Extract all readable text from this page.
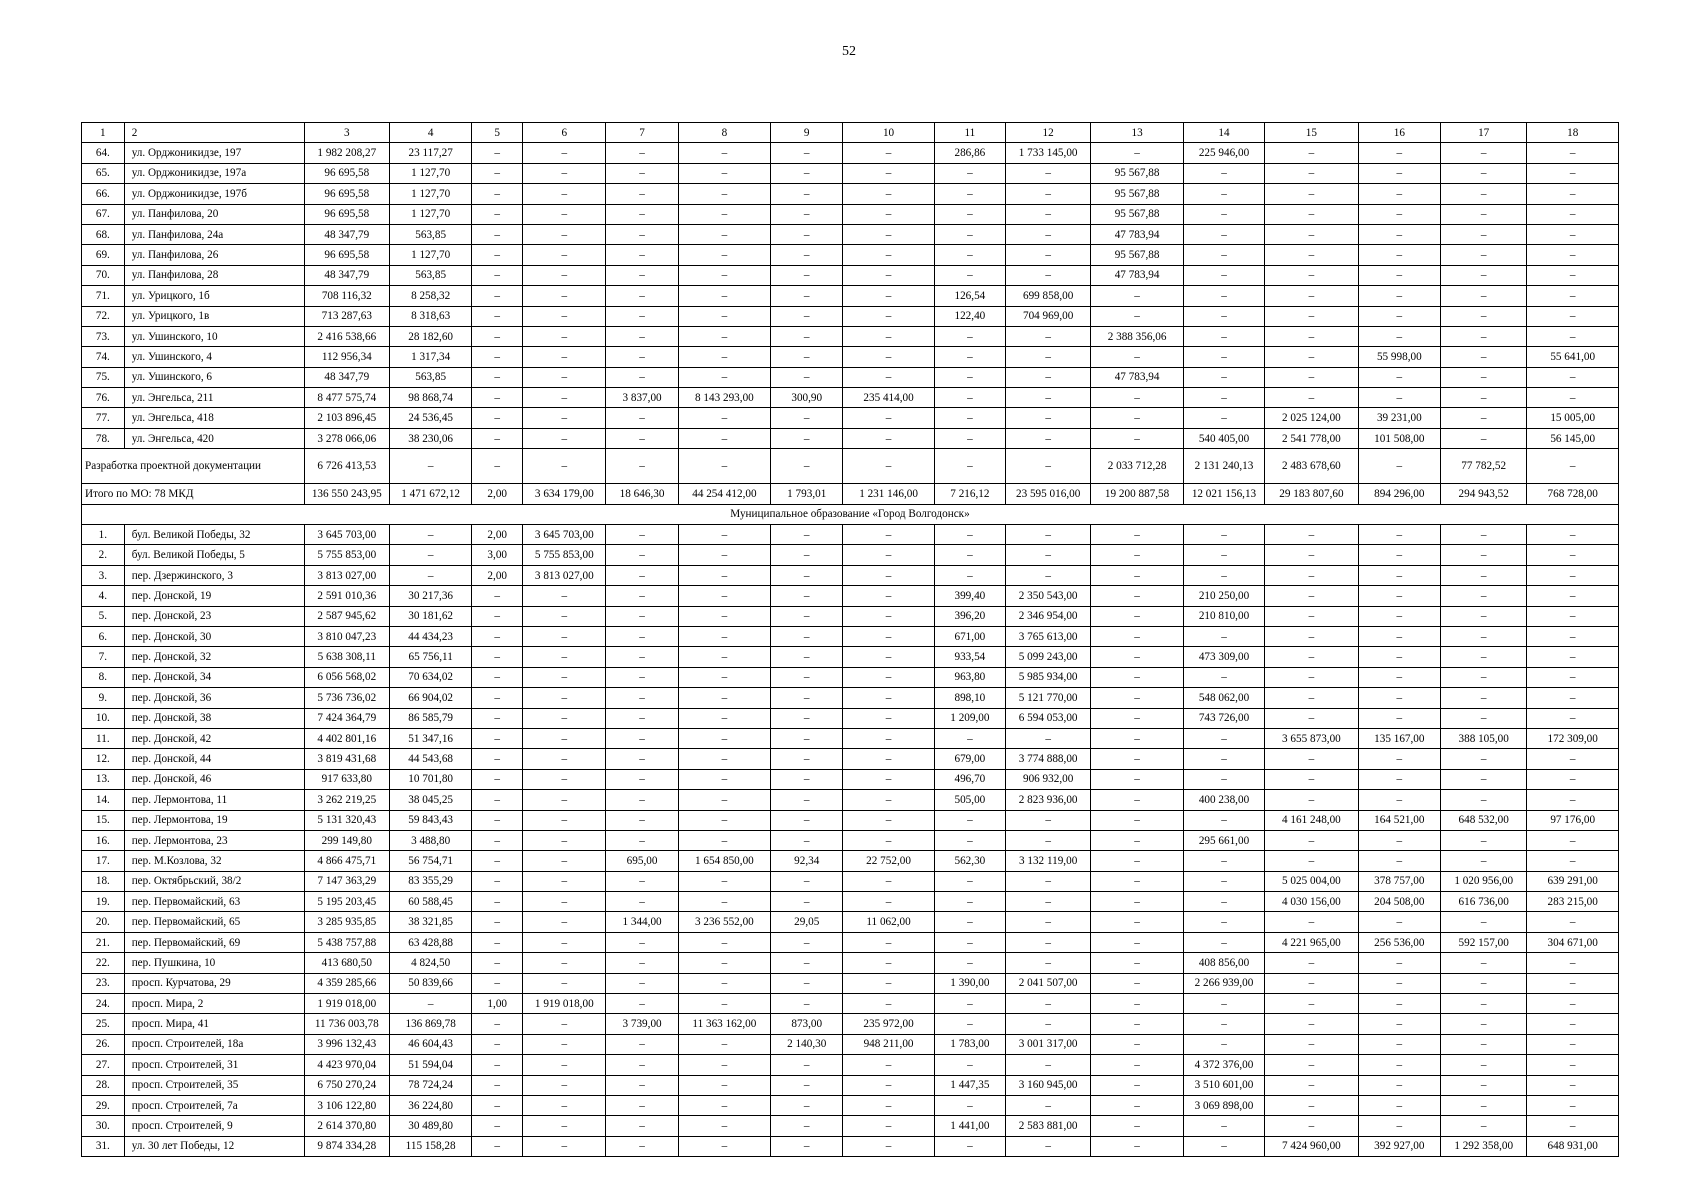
52
1	2	3	4	5	6	7	8	9	10	11	12	13	14	15	16	17	18
64.	ул. Орджоникидзе, 197	1 982 208,27	23 117,27	–	–	–	–	–	–	286,86	1 733 145,00	–	225 946,00	–	–	–	–
65.	ул. Орджоникидзе, 197а	96 695,58	1 127,70	–	–	–	–	–	–	–	–	95 567,88	–	–	–	–	–
66.	ул. Орджоникидзе, 197б	96 695,58	1 127,70	–	–	–	–	–	–	–	–	95 567,88	–	–	–	–	–
67.	ул. Панфилова, 20	96 695,58	1 127,70	–	–	–	–	–	–	–	–	95 567,88	–	–	–	–	–
68.	ул. Панфилова, 24а	48 347,79	563,85	–	–	–	–	–	–	–	–	47 783,94	–	–	–	–	–
69.	ул. Панфилова, 26	96 695,58	1 127,70	–	–	–	–	–	–	–	–	95 567,88	–	–	–	–	–
70.	ул. Панфилова, 28	48 347,79	563,85	–	–	–	–	–	–	–	–	47 783,94	–	–	–	–	–
71.	ул. Урицкого, 1б	708 116,32	8 258,32	–	–	–	–	–	–	126,54	699 858,00	–	–	–	–	–	–
72.	ул. Урицкого, 1в	713 287,63	8 318,63	–	–	–	–	–	–	122,40	704 969,00	–	–	–	–	–	–
73.	ул. Ушинского, 10	2 416 538,66	28 182,60	–	–	–	–	–	–	–	–	2 388 356,06	–	–	–	–	–
74.	ул. Ушинского, 4	112 956,34	1 317,34	–	–	–	–	–	–	–	–	–	–	–	55 998,00	–	55 641,00
75.	ул. Ушинского, 6	48 347,79	563,85	–	–	–	–	–	–	–	–	47 783,94	–	–	–	–	–
76.	ул. Энгельса, 211	8 477 575,74	98 868,74	–	–	3 837,00	8 143 293,00	300,90	235 414,00	–	–	–	–	–	–	–	–
77.	ул. Энгельса, 418	2 103 896,45	24 536,45	–	–	–	–	–	–	–	–	–	–	2 025 124,00	39 231,00	–	15 005,00
78.	ул. Энгельса, 420	3 278 066,06	38 230,06	–	–	–	–	–	–	–	–	–	540 405,00	2 541 778,00	101 508,00	–	56 145,00
Разработка проектной документации		6 726 413,53	–	–	–	–	–	–	–	–	–	2 033 712,28	2 131 240,13	2 483 678,60	–	77 782,52	–
Итого по МО: 78 МКД		136 550 243,95	1 471 672,12	2,00	3 634 179,00	18 646,30	44 254 412,00	1 793,01	1 231 146,00	7 216,12	23 595 016,00	19 200 887,58	12 021 156,13	29 183 807,60	894 296,00	294 943,52	768 728,00
Муниципальное образование «Город Волгодонск»																	
1.	бул. Великой Победы, 32	3 645 703,00	–	2,00	3 645 703,00	–	–	–	–	–	–	–	–	–	–	–	–
2.	бул. Великой Победы, 5	5 755 853,00	–	3,00	5 755 853,00	–	–	–	–	–	–	–	–	–	–	–	–
3.	пер. Дзержинского, 3	3 813 027,00	–	2,00	3 813 027,00	–	–	–	–	–	–	–	–	–	–	–	–
4.	пер. Донской, 19	2 591 010,36	30 217,36	–	–	–	–	–	–	399,40	2 350 543,00	–	210 250,00	–	–	–	–
5.	пер. Донской, 23	2 587 945,62	30 181,62	–	–	–	–	–	–	396,20	2 346 954,00	–	210 810,00	–	–	–	–
6.	пер. Донской, 30	3 810 047,23	44 434,23	–	–	–	–	–	–	671,00	3 765 613,00	–	–	–	–	–	–
7.	пер. Донской, 32	5 638 308,11	65 756,11	–	–	–	–	–	–	933,54	5 099 243,00	–	473 309,00	–	–	–	–
8.	пер. Донской, 34	6 056 568,02	70 634,02	–	–	–	–	–	–	963,80	5 985 934,00	–	–	–	–	–	–
9.	пер. Донской, 36	5 736 736,02	66 904,02	–	–	–	–	–	–	898,10	5 121 770,00	–	548 062,00	–	–	–	–
10.	пер. Донской, 38	7 424 364,79	86 585,79	–	–	–	–	–	–	1 209,00	6 594 053,00	–	743 726,00	–	–	–	–
11.	пер. Донской, 42	4 402 801,16	51 347,16	–	–	–	–	–	–	–	–	–	–	3 655 873,00	135 167,00	388 105,00	172 309,00
12.	пер. Донской, 44	3 819 431,68	44 543,68	–	–	–	–	–	–	679,00	3 774 888,00	–	–	–	–	–	–
13.	пер. Донской, 46	917 633,80	10 701,80	–	–	–	–	–	–	496,70	906 932,00	–	–	–	–	–	–
14.	пер. Лермонтова, 11	3 262 219,25	38 045,25	–	–	–	–	–	–	505,00	2 823 936,00	–	400 238,00	–	–	–	–
15.	пер. Лермонтова, 19	5 131 320,43	59 843,43	–	–	–	–	–	–	–	–	–	–	4 161 248,00	164 521,00	648 532,00	97 176,00
16.	пер. Лермонтова, 23	299 149,80	3 488,80	–	–	–	–	–	–	–	–	–	295 661,00	–	–	–	–
17.	пер. М.Козлова, 32	4 866 475,71	56 754,71	–	–	695,00	1 654 850,00	92,34	22 752,00	562,30	3 132 119,00	–	–	–	–	–	–
18.	пер. Октябрьский, 38/2	7 147 363,29	83 355,29	–	–	–	–	–	–	–	–	–	–	5 025 004,00	378 757,00	1 020 956,00	639 291,00
19.	пер. Первомайский, 63	5 195 203,45	60 588,45	–	–	–	–	–	–	–	–	–	–	4 030 156,00	204 508,00	616 736,00	283 215,00
20.	пер. Первомайский, 65	3 285 935,85	38 321,85	–	–	1 344,00	3 236 552,00	29,05	11 062,00	–	–	–	–	–	–	–	–
21.	пер. Первомайский, 69	5 438 757,88	63 428,88	–	–	–	–	–	–	–	–	–	–	4 221 965,00	256 536,00	592 157,00	304 671,00
22.	пер. Пушкина, 10	413 680,50	4 824,50	–	–	–	–	–	–	–	–	–	408 856,00	–	–	–	–
23.	просп. Курчатова, 29	4 359 285,66	50 839,66	–	–	–	–	–	–	1 390,00	2 041 507,00	–	2 266 939,00	–	–	–	–
24.	просп. Мира, 2	1 919 018,00	–	1,00	1 919 018,00	–	–	–	–	–	–	–	–	–	–	–	–
25.	просп. Мира, 41	11 736 003,78	136 869,78	–	–	3 739,00	11 363 162,00	873,00	235 972,00	–	–	–	–	–	–	–	–
26.	просп. Строителей, 18а	3 996 132,43	46 604,43	–	–	–	–	2 140,30	948 211,00	1 783,00	3 001 317,00	–	–	–	–	–	–
27.	просп. Строителей, 31	4 423 970,04	51 594,04	–	–	–	–	–	–	–	–	–	4 372 376,00	–	–	–	–
28.	просп. Строителей, 35	6 750 270,24	78 724,24	–	–	–	–	–	–	1 447,35	3 160 945,00	–	3 510 601,00	–	–	–	–
29.	просп. Строителей, 7а	3 106 122,80	36 224,80	–	–	–	–	–	–	–	–	–	3 069 898,00	–	–	–	–
30.	просп. Строителей, 9	2 614 370,80	30 489,80	–	–	–	–	–	–	1 441,00	2 583 881,00	–	–	–	–	–	–
31.	ул. 30 лет Победы, 12	9 874 334,28	115 158,28	–	–	–	–	–	–	–	–	–	–	7 424 960,00	392 927,00	1 292 358,00	648 931,00
